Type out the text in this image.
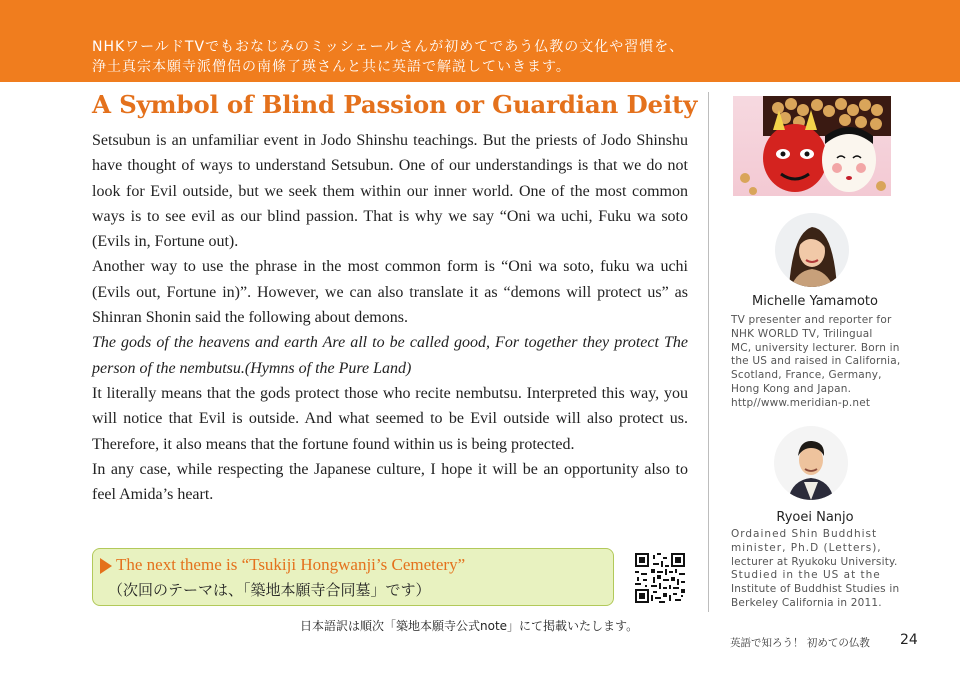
NHKワールドTVでもおなじみのミッシェールさんが初めてであう仏教の文化や習慣を、
浄土真宗本願寺派僧侶の南條了瑛さんと共に英語で解説していきます。
A Symbol of Blind Passion or Guardian Deity

Setsubun is an unfamiliar event in Jodo Shinshu teachings. But the priests of Jodo Shinshu have thought of ways to understand Setsubun. One of our understandings is that we do not look for Evil outside, but we seek them within our inner world. One of the most common ways is to see evil as our blind passion. That is why we say “Oni wa uchi, Fuku wa soto (Evils in, Fortune out).

Another way to use the phrase in the most common form is “Oni wa soto, fuku wa uchi (Evils out, Fortune in)”. However, we can also translate it as “demons will protect us” as Shinran Shonin said the following about demons.

The gods of the heavens and earth Are all to be called good, For together they protect The person of the nembutsu.(Hymns of the Pure Land)

It literally means that the gods protect those who recite nembutsu. Interpreted this way, you will notice that Evil is outside. And what seemed to be Evil outside will also protect us. Therefore, it also means that the fortune found within us is being protected.

In any case, while respecting the Japanese culture, I hope it will be an opportunity also to feel Amida’s heart.

Michelle Yamamoto
TV presenter and reporter for
NHK WORLD TV, Trilingual
MC, university lecturer. Born in
the US and raised in California,
Scotland, France, Germany,
Hong Kong and Japan.
http//www.meridian-p.net
Ryoei Nanjo
Ordained Shin Buddhist
minister, Ph.D (Letters),
lecturer at Ryukoku University.
Studied in the US at the
Institute of Buddhist Studies in
Berkeley California in 2011.
The next theme is “Tsukiji Hongwanji’s Cemetery”
（次回のテーマは、「築地本願寺合同墓」です）
日本語訳は順次「築地本願寺公式note」にて掲載いたします。
英語で知ろう！ 初めての仏教 24
